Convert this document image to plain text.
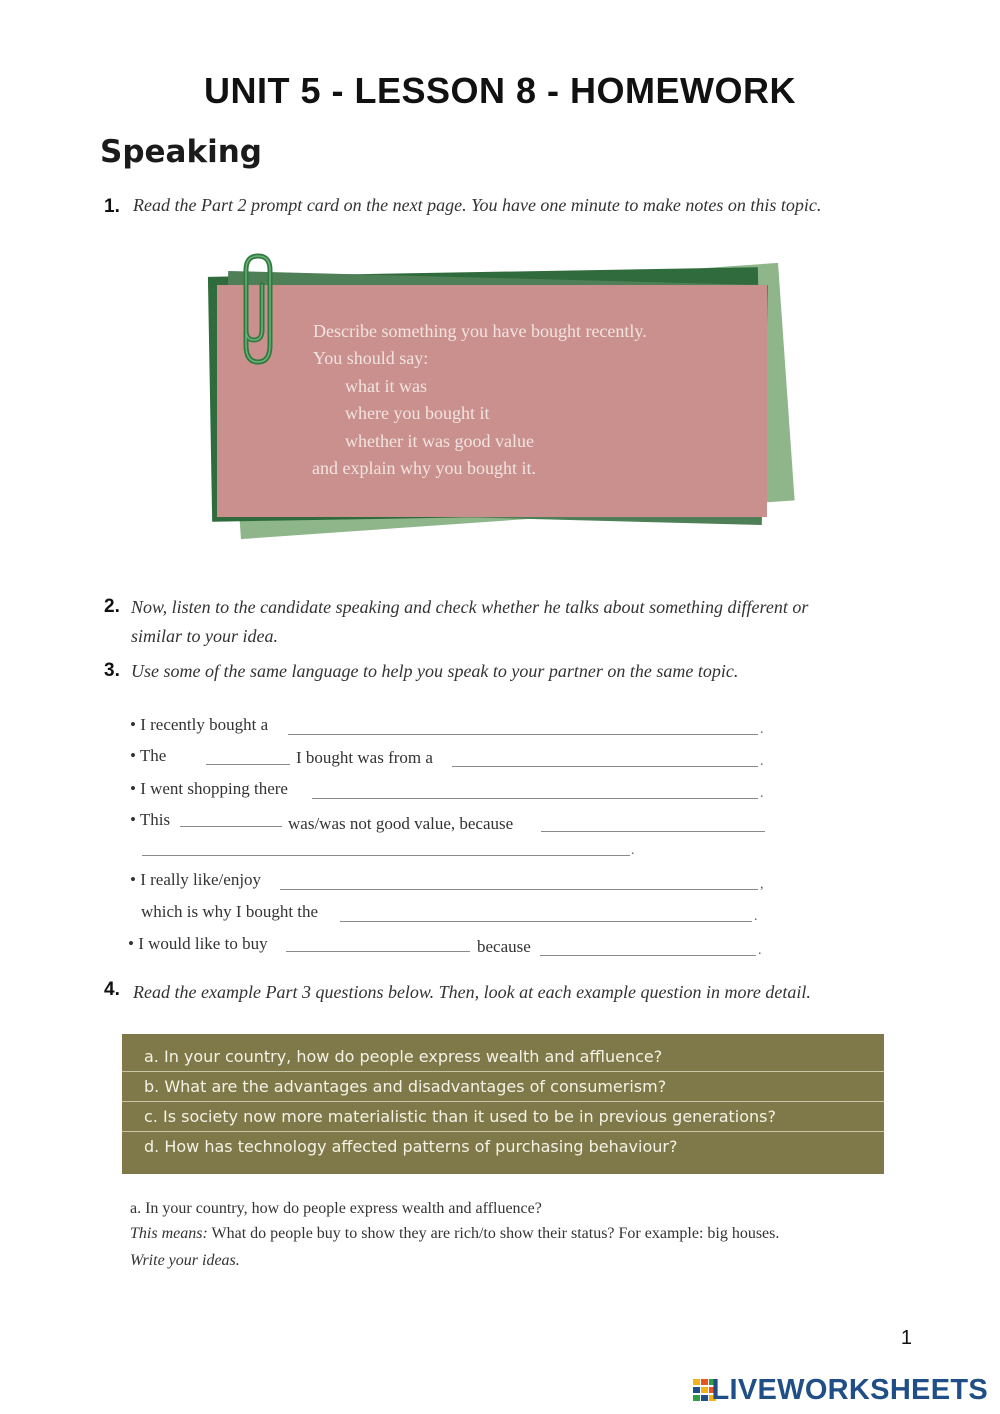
UNIT 5 - LESSON 8 - HOMEWORK
Speaking
1. Read the Part 2 prompt card on the next page. You have one minute to make notes on this topic.
Describe something you have bought recently.
You should say:
what it was
where you bought it
whether it was good value
and explain why you bought it.
2. Now, listen to the candidate speaking and check whether he talks about something different or
similar to your idea.
3. Use some of the same language to help you speak to your partner on the same topic.
• I recently bought a	.
• The	I bought was from a	.
• I went shopping there	.
• This	was/was not good value, because
.
• I really like/enjoy	,
which is why I bought the	.
• I would like to buy	because	.
4. Read the example Part 3 questions below. Then, look at each example question in more detail.
a. In your country, how do people express wealth and affluence?
b. What are the advantages and disadvantages of consumerism?
c. Is society now more materialistic than it used to be in previous generations?
d. How has technology affected patterns of purchasing behaviour?
a. In your country, how do people express wealth and affluence?
This means: What do people buy to show they are rich/to show their status? For example: big houses.
Write your ideas.
1
LIVEWORKSHEETS
